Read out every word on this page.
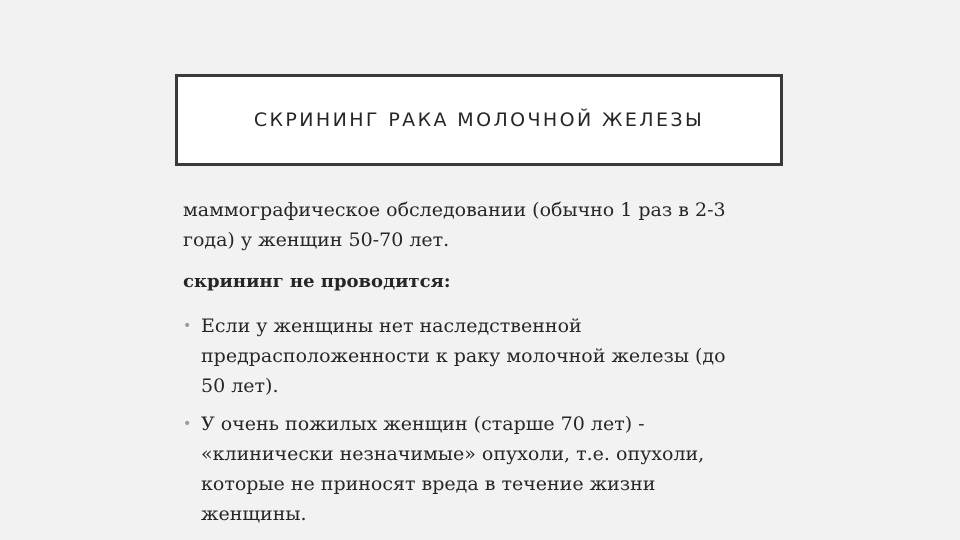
СКРИНИНГ РАКА МОЛОЧНОЙ ЖЕЛЕЗЫ

маммографическое обследовании (обычно 1 раз в 2-3
года) у женщин 50-70 лет.

скрининг не проводится:

• Если у женщины нет наследственной
предрасположенности к раку молочной железы (до
50 лет).
• У очень пожилых женщин (старше 70 лет) -
«клинически незначимые» опухоли, т.е. опухоли,
которые не приносят вреда в течение жизни
женщины.
